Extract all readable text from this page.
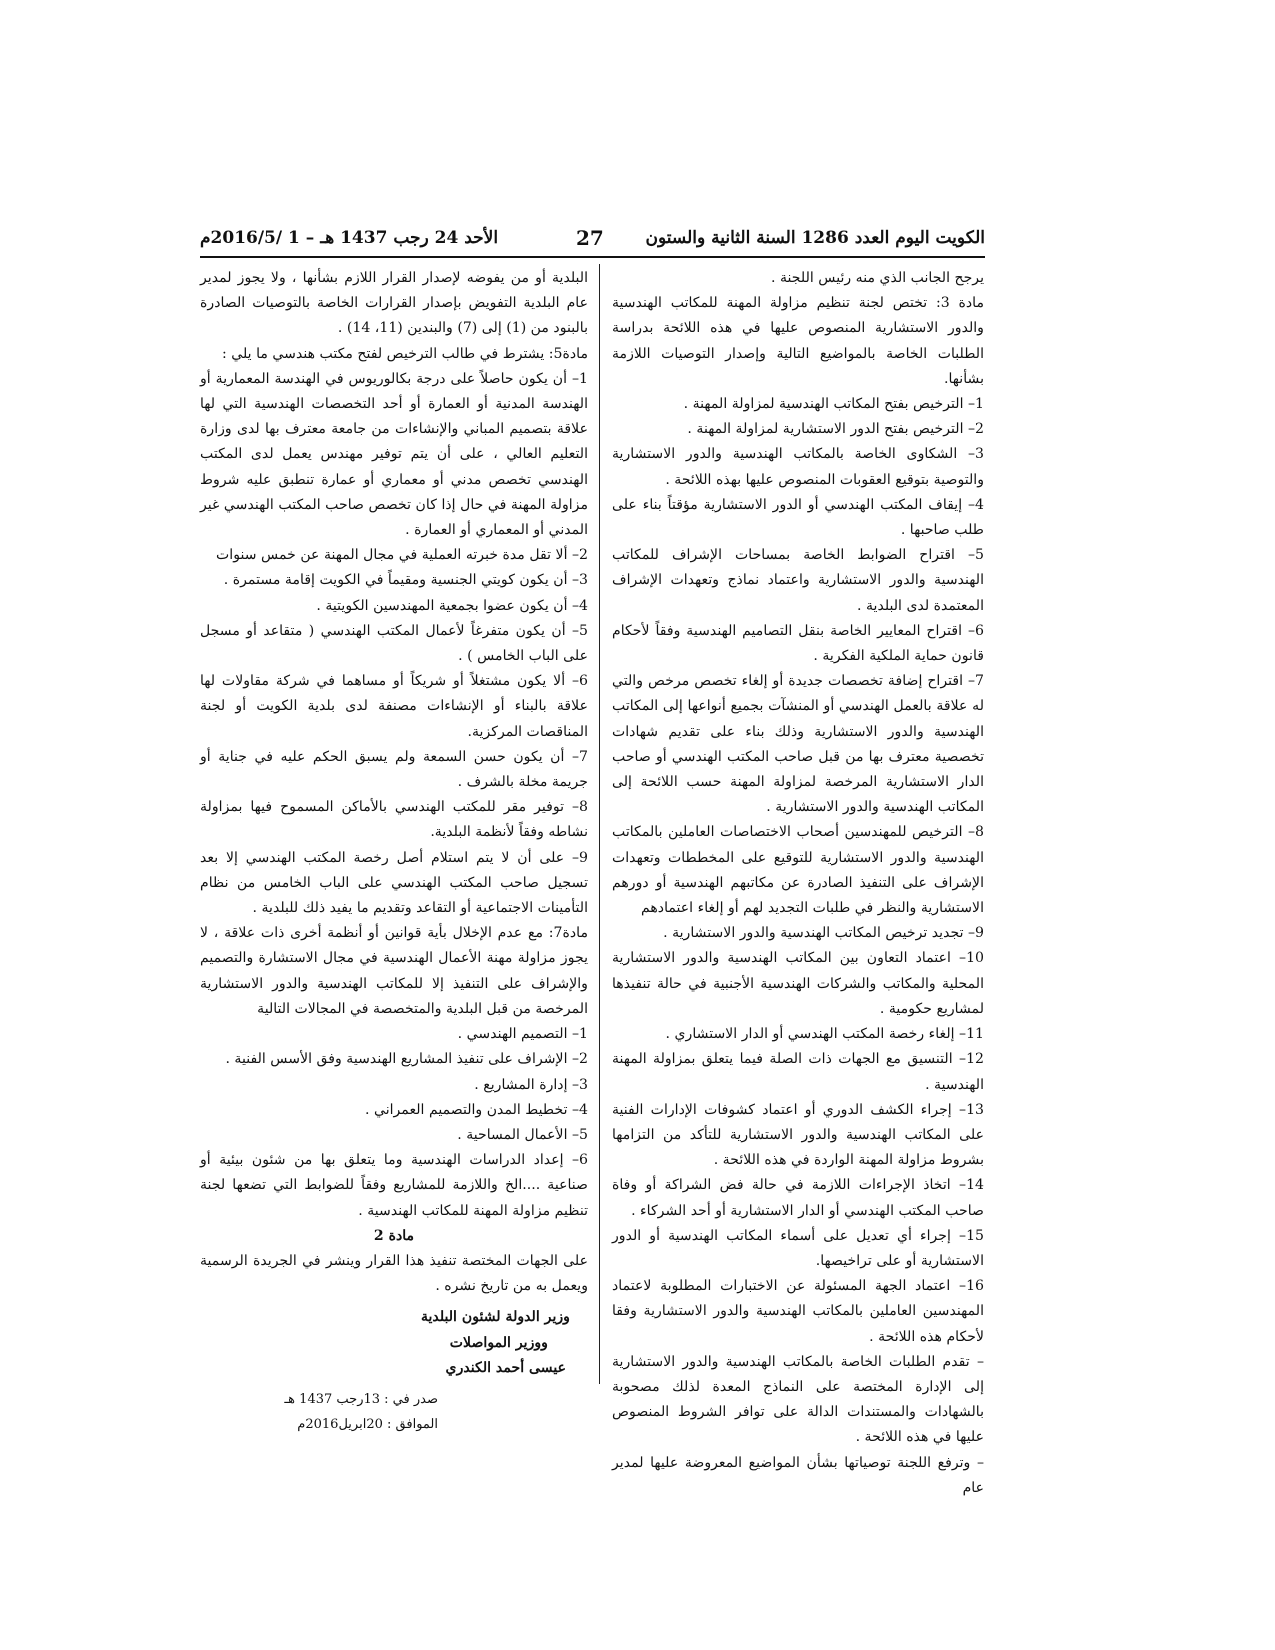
الكويت اليوم العدد 1286 السنة الثانية والستون
27
الأحد 24 رجب 1437 هـ – 1 /2016/5م

يرجح الجانب الذي منه رئيس اللجنة .

مادة 3: تختص لجنة تنظيم مزاولة المهنة للمكاتب الهندسية والدور الاستشارية المنصوص عليها في هذه اللائحة بدراسة الطلبات الخاصة بالمواضيع التالية وإصدار التوصيات اللازمة بشأنها.

1– الترخيص بفتح المكاتب الهندسية لمزاولة المهنة .

2– الترخيص بفتح الدور الاستشارية لمزاولة المهنة .

3– الشكاوى الخاصة بالمكاتب الهندسية والدور الاستشارية والتوصية بتوقيع العقوبات المنصوص عليها بهذه اللائحة .

4– إيقاف المكتب الهندسي أو الدور الاستشارية مؤقتاً بناء على طلب صاحبها .

5– اقتراح الضوابط الخاصة بمساحات الإشراف للمكاتب الهندسية والدور الاستشارية واعتماد نماذج وتعهدات الإشراف المعتمدة لدى البلدية .

6– اقتراح المعايير الخاصة بنقل التصاميم الهندسية وفقاً لأحكام قانون حماية الملكية الفكرية .

7– اقتراح إضافة تخصصات جديدة أو إلغاء تخصص مرخص والتي له علاقة بالعمل الهندسي أو المنشآت بجميع أنواعها إلى المكاتب الهندسية والدور الاستشارية وذلك بناء على تقديم شهادات تخصصية معترف بها من قبل صاحب المكتب الهندسي أو صاحب الدار الاستشارية المرخصة لمزاولة المهنة حسب اللائحة إلى المكاتب الهندسية والدور الاستشارية .

8– الترخيص للمهندسين أصحاب الاختصاصات العاملين بالمكاتب الهندسية والدور الاستشارية للتوقيع على المخططات وتعهدات الإشراف على التنفيذ الصادرة عن مكاتبهم الهندسية أو دورهم الاستشارية والنظر في طلبات التجديد لهم أو إلغاء اعتمادهم

9– تجديد ترخيص المكاتب الهندسية والدور الاستشارية .

10– اعتماد التعاون بين المكاتب الهندسية والدور الاستشارية المحلية والمكاتب والشركات الهندسية الأجنبية في حالة تنفيذها لمشاريع حكومية .

11– إلغاء رخصة المكتب الهندسي أو الدار الاستشاري .

12– التنسيق مع الجهات ذات الصلة فيما يتعلق بمزاولة المهنة الهندسية .

13– إجراء الكشف الدوري أو اعتماد كشوفات الإدارات الفنية على المكاتب الهندسية والدور الاستشارية للتأكد من التزامها بشروط مزاولة المهنة الواردة في هذه اللائحة .

14– اتخاذ الإجراءات اللازمة في حالة فض الشراكة أو وفاة صاحب المكتب الهندسي أو الدار الاستشارية أو أحد الشركاء .

15– إجراء أي تعديل على أسماء المكاتب الهندسية أو الدور الاستشارية أو على تراخيصها.

16– اعتماد الجهة المسئولة عن الاختبارات المطلوبة لاعتماد المهندسين العاملين بالمكاتب الهندسية والدور الاستشارية وفقا لأحكام هذه اللائحة .

– تقدم الطلبات الخاصة بالمكاتب الهندسية والدور الاستشارية إلى الإدارة المختصة على النماذج المعدة لذلك مصحوبة بالشهادات والمستندات الدالة على توافر الشروط المنصوص عليها في هذه اللائحة .

– وترفع اللجنة توصياتها بشأن المواضيع المعروضة عليها لمدير عام

البلدية أو من يفوضه لإصدار القرار اللازم بشأنها ، ولا يجوز لمدير عام البلدية التفويض بإصدار القرارات الخاصة بالتوصيات الصادرة بالبنود من (1) إلى (7) والبندين (11، 14) .

مادة5: يشترط في طالب الترخيص لفتح مكتب هندسي ما يلي :

1– أن يكون حاصلاً على درجة بكالوريوس في الهندسة المعمارية أو الهندسة المدنية أو العمارة أو أحد التخصصات الهندسية التي لها علاقة بتصميم المباني والإنشاءات من جامعة معترف بها لدى وزارة التعليم العالي ، على أن يتم توفير مهندس يعمل لدى المكتب الهندسي تخصص مدني أو معماري أو عمارة تنطبق عليه شروط مزاولة المهنة في حال إذا كان تخصص صاحب المكتب الهندسي غير المدني أو المعماري أو العمارة .

2– ألا تقل مدة خبرته العملية في مجال المهنة عن خمس سنوات

3– أن يكون كويتي الجنسية ومقيماً في الكويت إقامة مستمرة .

4– أن يكون عضوا بجمعية المهندسين الكويتية .

5– أن يكون متفرغاً لأعمال المكتب الهندسي ( متقاعد أو مسجل على الباب الخامس ) .

6– ألا يكون مشتغلاً أو شريكاً أو مساهما في شركة مقاولات لها علاقة بالبناء أو الإنشاءات مصنفة لدى بلدية الكويت أو لجنة المناقصات المركزية.

7– أن يكون حسن السمعة ولم يسبق الحكم عليه في جناية أو جريمة مخلة بالشرف .

8– توفير مقر للمكتب الهندسي بالأماكن المسموح فيها بمزاولة نشاطه وفقاً لأنظمة البلدية.

9– على أن لا يتم استلام أصل رخصة المكتب الهندسي إلا بعد تسجيل صاحب المكتب الهندسي على الباب الخامس من نظام التأمينات الاجتماعية أو التقاعد وتقديم ما يفيد ذلك للبلدية .

مادة7: مع عدم الإخلال بأية قوانين أو أنظمة أخرى ذات علاقة ، لا يجوز مزاولة مهنة الأعمال الهندسية في مجال الاستشارة والتصميم والإشراف على التنفيذ إلا للمكاتب الهندسية والدور الاستشارية المرخصة من قبل البلدية والمتخصصة في المجالات التالية

1– التصميم الهندسي .

2– الإشراف على تنفيذ المشاريع الهندسية وفق الأسس الفنية .

3– إدارة المشاريع .

4– تخطيط المدن والتصميم العمراني .

5– الأعمال المساحية .

6– إعداد الدراسات الهندسية وما يتعلق بها من شئون بيئية أو صناعية ....الخ واللازمة للمشاريع وفقاً للضوابط التي تضعها لجنة تنظيم مزاولة المهنة للمكاتب الهندسية .

مادة 2

على الجهات المختصة تنفيذ هذا القرار وينشر في الجريدة الرسمية ويعمل به من تاريخ نشره .

وزير الدولة لشئون البلدية

ووزير المواصلات

عيسى أحمد الكندري

صدر في : 13رجب 1437 هـ

الموافق : 20ابريل2016م
